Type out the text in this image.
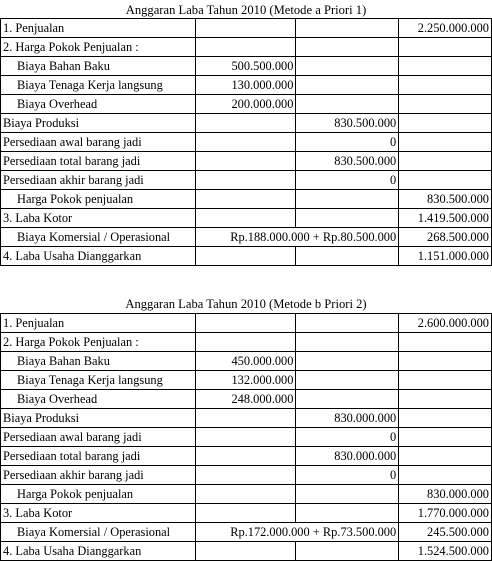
Anggaran Laba Tahun 2010 (Metode a Priori 1)
1. Penjualan			2.250.000.000
2. Harga Pokok Penjualan :			
Biaya Bahan Baku	500.500.000		
Biaya Tenaga Kerja langsung	130.000.000		
Biaya Overhead	200.000.000		
Biaya Produksi		830.500.000	
Persediaan awal barang jadi		0	
Persediaan total barang jadi		830.500.000	
Persediaan akhir barang jadi		0	
Harga Pokok penjualan			830.500.000
3. Laba Kotor			1.419.500.000
Biaya Komersial / Operasional	Rp.188.000.000 + Rp.80.500.000		268.500.000
4. Laba Usaha Dianggarkan			1.151.000.000
Anggaran Laba Tahun 2010 (Metode b Priori 2)
1. Penjualan			2.600.000.000
2. Harga Pokok Penjualan :			
Biaya Bahan Baku	450.000.000		
Biaya Tenaga Kerja langsung	132.000.000		
Biaya Overhead	248.000.000		
Biaya Produksi		830.000.000	
Persediaan awal barang jadi		0	
Persediaan total barang jadi		830.000.000	
Persediaan akhir barang jadi		0	
Harga Pokok penjualan			830.000.000
3. Laba Kotor			1.770.000.000
Biaya Komersial / Operasional	Rp.172.000.000 + Rp.73.500.000		245.500.000
4. Laba Usaha Dianggarkan			1.524.500.000
